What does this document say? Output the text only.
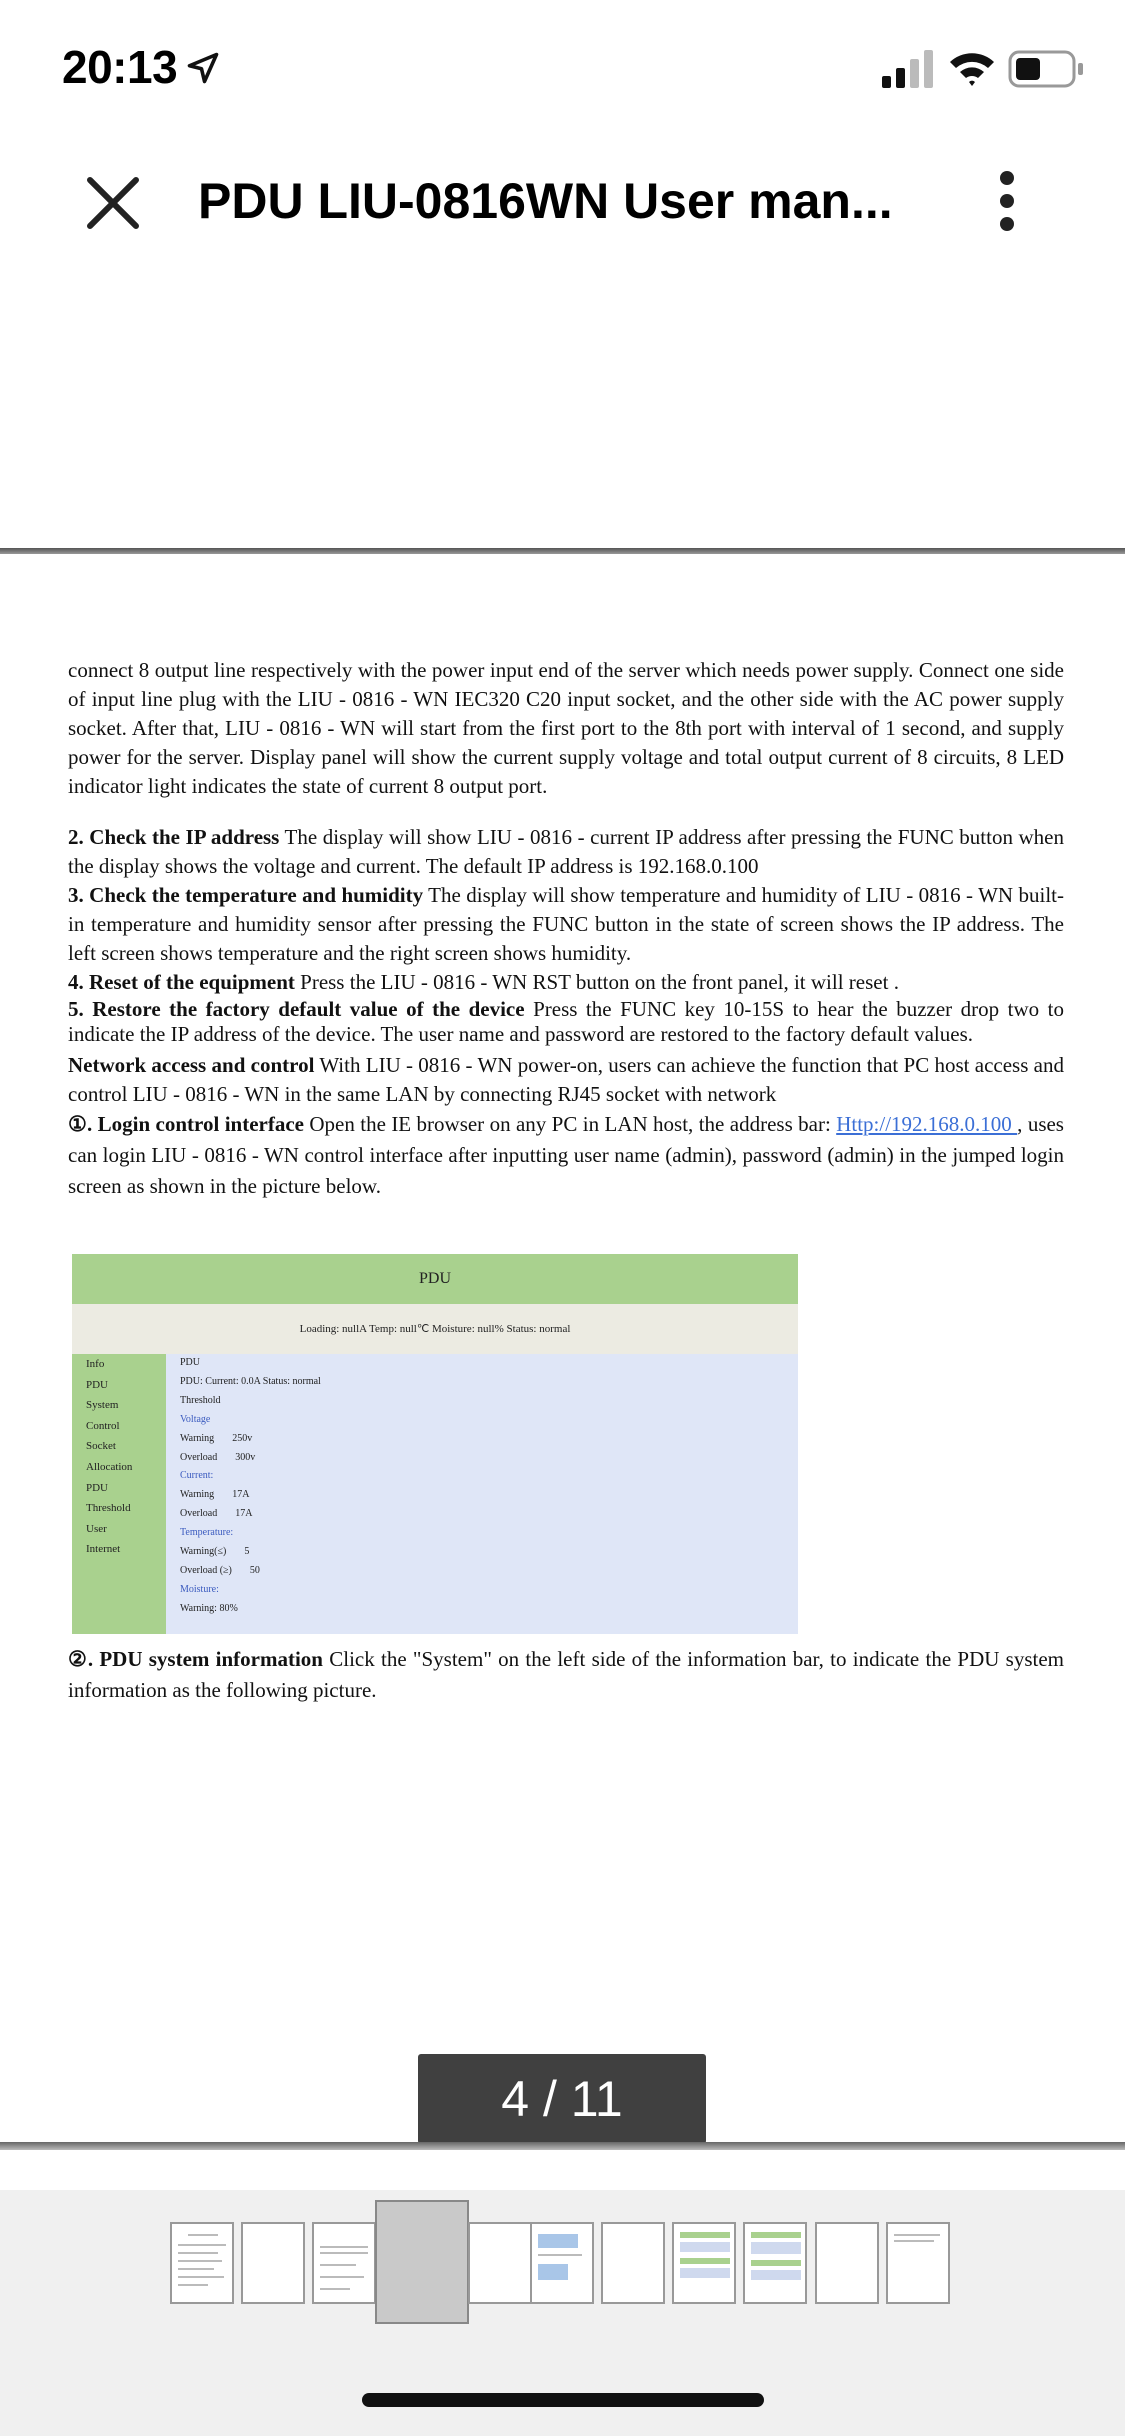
20:13
PDU LIU-0816WN User man...

connect 8 output line respectively with the power input end of the server which needs power supply. Connect one side of input line plug with the LIU - 0816 - WN IEC320 C20 input socket, and the other side with the AC power supply socket. After that, LIU - 0816 - WN will start from the first port to the 8th port with interval of 1 second, and supply power for the server. Display panel will show the current supply voltage and total output current of 8 circuits, 8 LED indicator light indicates the state of current 8 output port.

2. Check the IP address The display will show LIU - 0816 - current IP address after pressing the FUNC button when the display shows the voltage and current. The default IP address is 192.168.0.100

3. Check the temperature and humidity The display will show temperature and humidity of LIU - 0816 - WN built-in temperature and humidity sensor after pressing the FUNC button in the state of screen shows the IP address. The left screen shows temperature and the right screen shows humidity.

4. Reset of the equipment Press the LIU - 0816 - WN RST button on the front panel, it will reset .

5. Restore the factory default value of the device Press the FUNC key 10-15S to hear the buzzer drop two to indicate the IP address of the device. The user name and password are restored to the factory default values.

Network access and control With LIU - 0816 - WN power-on, users can achieve the function that PC host access and control LIU - 0816 - WN in the same LAN by connecting RJ45 socket with network

①. Login control interface Open the IE browser on any PC in LAN host, the address bar: Http://192.168.0.100 , uses can login LIU - 0816 - WN control interface after inputting user name (admin), password (admin) in the jumped login screen as shown in the picture below.

PDU
Loading: nullA Temp: null℃ Moisture: null% Status: normal
Info
PDU
System
Control
Socket
Allocation
PDU
Threshold
User
Internet
PDU
PDU: Current: 0.0A Status: normal
Threshold
Voltage
Warning 250v
Overload 300v
Current:
Warning 17A
Overload 17A
Temperature:
Warning(≤) 5
Overload (≥) 50
Moisture:
Warning: 80%

②. PDU system information Click the "System" on the left side of the information bar, to indicate the PDU system information as the following picture.

4 / 11
